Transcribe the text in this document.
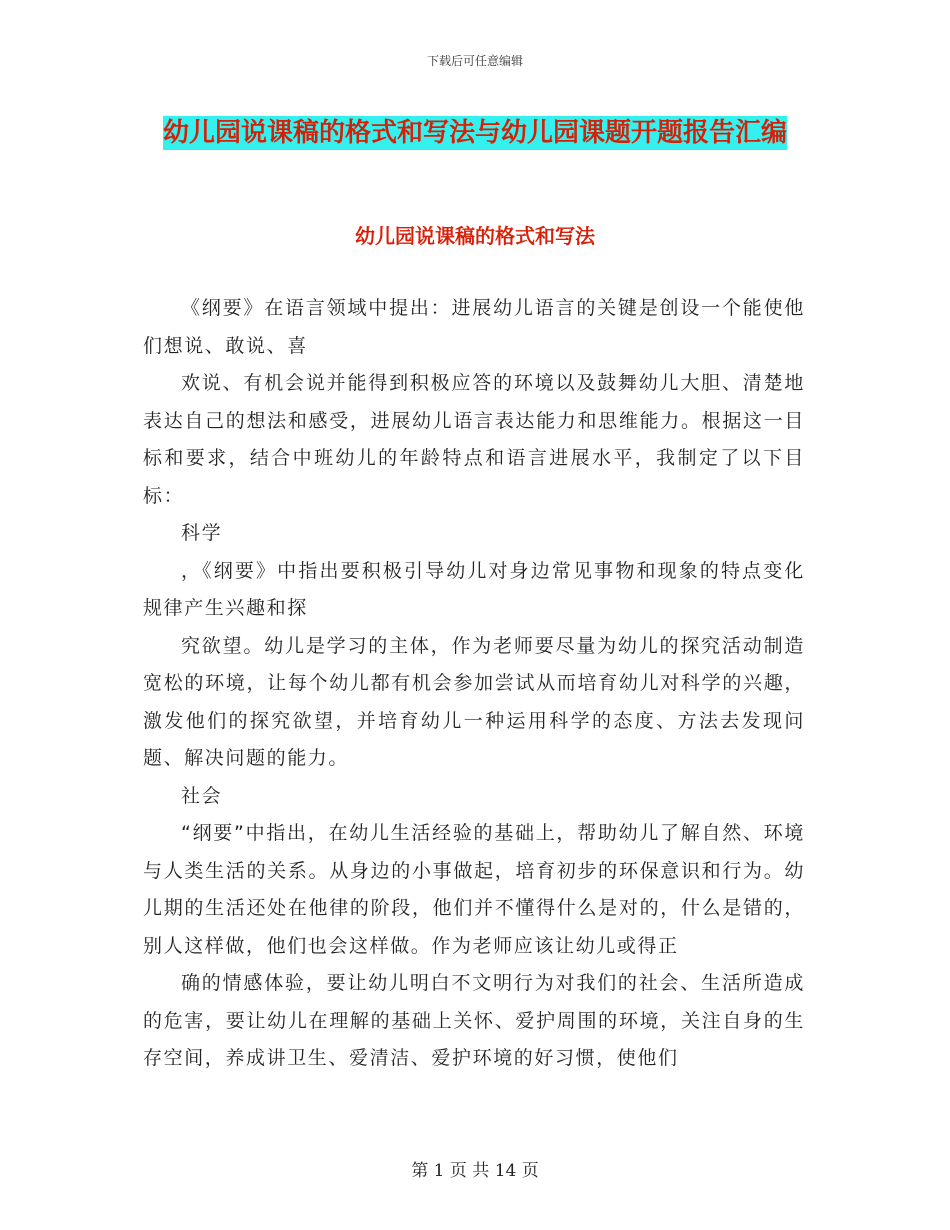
下载后可任意编辑
幼儿园说课稿的格式和写法与幼儿园课题开题报告汇编
幼儿园说课稿的格式和写法

《纲要》在语言领域中提出：进展幼儿语言的关键是创设一个能使他们想说、敢说、喜

欢说、有机会说并能得到积极应答的环境以及鼓舞幼儿大胆、清楚地表达自己的想法和感受，进展幼儿语言表达能力和思维能力。根据这一目标和要求，结合中班幼儿的年龄特点和语言进展水平，我制定了以下目标：

科学

，《纲要》中指出要积极引导幼儿对身边常见事物和现象的特点变化规律产生兴趣和探

究欲望。幼儿是学习的主体，作为老师要尽量为幼儿的探究活动制造宽松的环境，让每个幼儿都有机会参加尝试从而培育幼儿对科学的兴趣，激发他们的探究欲望，并培育幼儿一种运用科学的态度、方法去发现问题、解决问题的能力。

社会

“纲要”中指出，在幼儿生活经验的基础上，帮助幼儿了解自然、环境与人类生活的关系。从身边的小事做起，培育初步的环保意识和行为。幼儿期的生活还处在他律的阶段，他们并不懂得什么是对的，什么是错的，别人这样做，他们也会这样做。作为老师应该让幼儿或得正

确的情感体验，要让幼儿明白不文明行为对我们的社会、生活所造成的危害，要让幼儿在理解的基础上关怀、爱护周围的环境，关注自身的生存空间，养成讲卫生、爱清洁、爱护环境的好习惯，使他们

第 1 页 共 14 页
